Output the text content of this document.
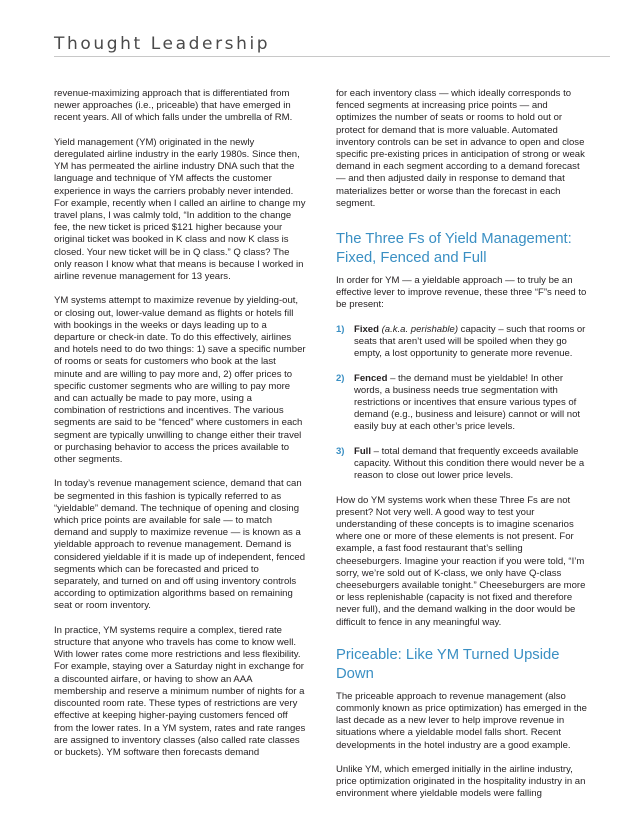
Thought Leadership

revenue-maximizing approach that is differentiated from newer approaches (i.e., priceable) that have emerged in recent years. All of which falls under the umbrella of RM.

Yield management (YM) originated in the newly deregulated airline industry in the early 1980s. Since then, YM has permeated the airline industry DNA such that the language and technique of YM affects the customer experience in ways the carriers probably never intended. For example, recently when I called an airline to change my travel plans, I was calmly told, “In addition to the change fee, the new ticket is priced $121 higher because your original ticket was booked in K class and now K class is closed. Your new ticket will be in Q class.” Q class? The only reason I know what that means is because I worked in airline revenue management for 13 years.

YM systems attempt to maximize revenue by yielding-out, or closing out, lower-value demand as flights or hotels fill with bookings in the weeks or days leading up to a departure or check-in date. To do this effectively, airlines and hotels need to do two things: 1) save a specific number of rooms or seats for customers who book at the last minute and are willing to pay more and, 2) offer prices to specific customer segments who are willing to pay more and can actually be made to pay more, using a combination of restrictions and incentives. The various segments are said to be “fenced” where customers in each segment are typically unwilling to change either their travel or purchasing behavior to access the prices available to other segments.

In today’s revenue management science, demand that can be segmented in this fashion is typically referred to as “yieldable” demand. The technique of opening and closing which price points are available for sale — to match demand and supply to maximize revenue — is known as a yieldable approach to revenue management. Demand is considered yieldable if it is made up of independent, fenced segments which can be forecasted and priced to separately, and turned on and off using inventory controls according to optimization algorithms based on remaining seat or room inventory.

In practice, YM systems require a complex, tiered rate structure that anyone who travels has come to know well. With lower rates come more restrictions and less flexibility. For example, staying over a Saturday night in exchange for a discounted airfare, or having to show an AAA membership and reserve a minimum number of nights for a discounted room rate. These types of restrictions are very effective at keeping higher-paying customers fenced off from the lower rates. In a YM system, rates and rate ranges are assigned to inventory classes (also called rate classes or buckets). YM software then forecasts demand

for each inventory class — which ideally corresponds to fenced segments at increasing price points — and optimizes the number of seats or rooms to hold out or protect for demand that is more valuable. Automated inventory controls can be set in advance to open and close specific pre-existing prices in anticipation of strong or weak demand in each segment according to a demand forecast — and then adjusted daily in response to demand that materializes better or worse than the forecast in each segment.

The Three Fs of Yield Management: Fixed, Fenced and Full

In order for YM — a yieldable approach — to truly be an effective lever to improve revenue, these three “F”s need to be present:

1) Fixed (a.k.a. perishable) capacity – such that rooms or seats that aren’t used will be spoiled when they go empty, a lost opportunity to generate more revenue.
2) Fenced – the demand must be yieldable! In other words, a business needs true segmentation with restrictions or incentives that ensure various types of demand (e.g., business and leisure) cannot or will not easily buy at each other’s price levels.
3) Full – total demand that frequently exceeds available capacity. Without this condition there would never be a reason to close out lower price levels.

How do YM systems work when these Three Fs are not present? Not very well. A good way to test your understanding of these concepts is to imagine scenarios where one or more of these elements is not present. For example, a fast food restaurant that’s selling cheeseburgers. Imagine your reaction if you were told, “I’m sorry, we’re sold out of K-class, we only have Q-class cheeseburgers available tonight.” Cheeseburgers are more or less replenishable (capacity is not fixed and therefore never full), and the demand walking in the door would be difficult to fence in any meaningful way.

Priceable: Like YM Turned Upside Down

The priceable approach to revenue management (also commonly known as price optimization) has emerged in the last decade as a new lever to help improve revenue in situations where a yieldable model falls short. Recent developments in the hotel industry are a good example.

Unlike YM, which emerged initially in the airline industry, price optimization originated in the hospitality industry in an environment where yieldable models were falling
